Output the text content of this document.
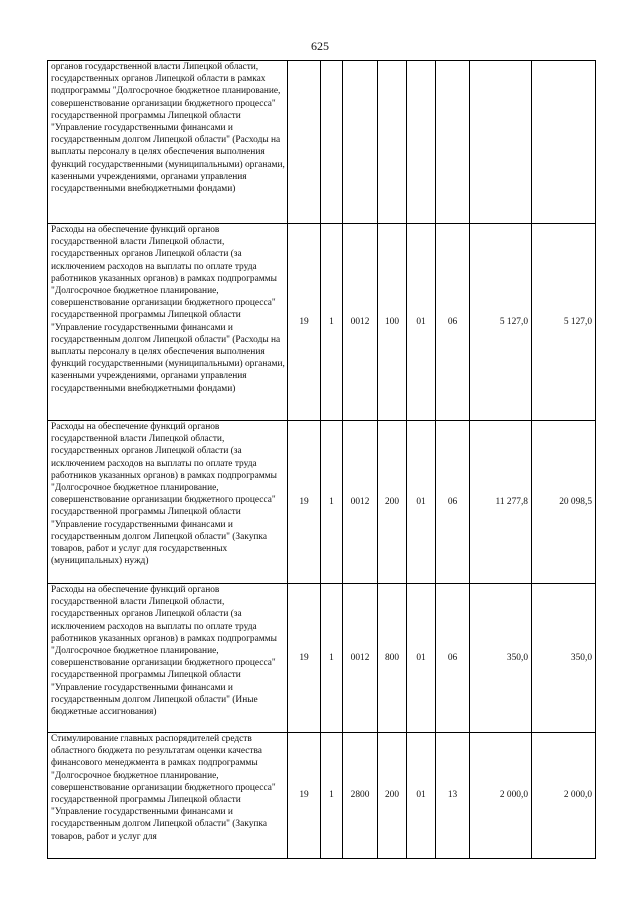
625
органов государственной власти Липецкой области, государственных органов Липецкой области в рамках подпрограммы "Долгосрочное бюджетное планирование, совершенствование организации бюджетного процесса" государственной программы Липецкой области "Управление государственными финансами и государственным долгом Липецкой области" (Расходы на выплаты персоналу в целях обеспечения выполнения функций государственными (муниципальными) органами, казенными учреждениями, органами управления государственными внебюджетными фондами)								
Расходы на обеспечение функций органов государственной власти Липецкой области, государственных органов Липецкой области (за исключением расходов на выплаты по оплате труда работников указанных органов) в рамках подпрограммы "Долгосрочное бюджетное планирование, совершенствование организации бюджетного процесса" государственной программы Липецкой области "Управление государственными финансами и государственным долгом Липецкой области" (Расходы на выплаты персоналу в целях обеспечения выполнения функций государственными (муниципальными) органами, казенными учреждениями, органами управления государственными внебюджетными фондами)	19	1	0012	100	01	06	5 127,0	5 127,0
Расходы на обеспечение функций органов государственной власти Липецкой области, государственных органов Липецкой области (за исключением расходов на выплаты по оплате труда работников указанных органов) в рамках подпрограммы "Долгосрочное бюджетное планирование, совершенствование организации бюджетного процесса" государственной программы Липецкой области "Управление государственными финансами и государственным долгом Липецкой области" (Закупка товаров, работ и услуг для государственных (муниципальных) нужд)	19	1	0012	200	01	06	11 277,8	20 098,5
Расходы на обеспечение функций органов государственной власти Липецкой области, государственных органов Липецкой области (за исключением расходов на выплаты по оплате труда работников указанных органов) в рамках подпрограммы "Долгосрочное бюджетное планирование, совершенствование организации бюджетного процесса" государственной программы Липецкой области "Управление государственными финансами и государственным долгом Липецкой области" (Иные бюджетные ассигнования)	19	1	0012	800	01	06	350,0	350,0
Стимулирование главных распорядителей средств областного бюджета по результатам оценки качества финансового менеджмента в рамках подпрограммы "Долгосрочное бюджетное планирование, совершенствование организации бюджетного процесса" государственной программы Липецкой области "Управление государственными финансами и государственным долгом Липецкой области" (Закупка товаров, работ и услуг для	19	1	2800	200	01	13	2 000,0	2 000,0
